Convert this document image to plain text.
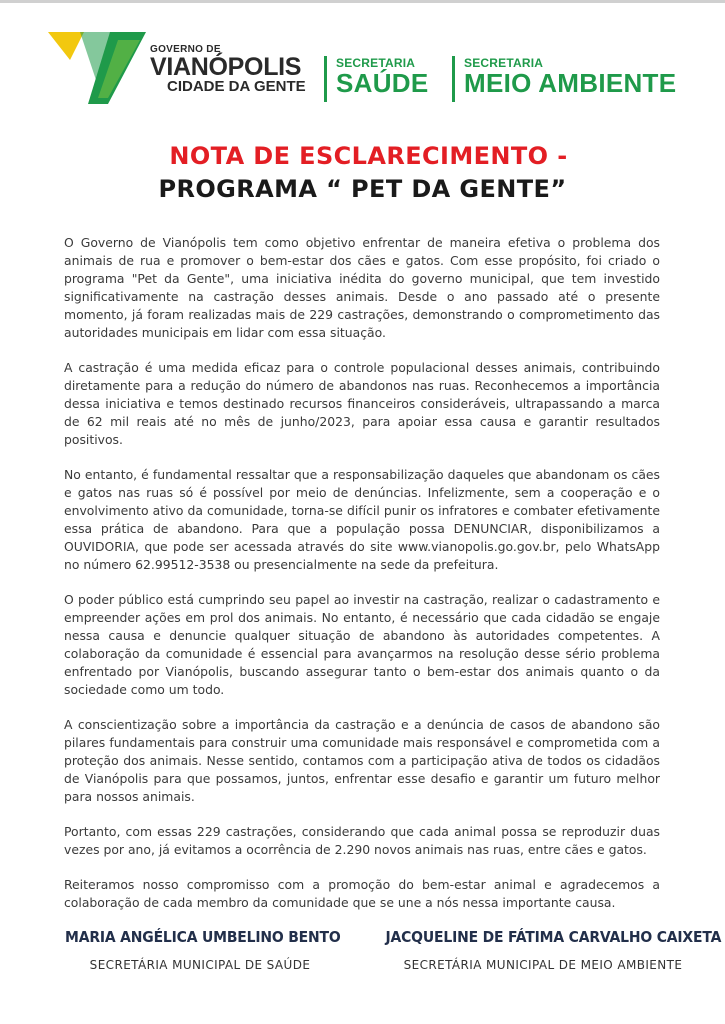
GOVERNO DE
VIANÓPOLIS
CIDADE DA GENTE
SECRETARIA
SAÚDE
SECRETARIA
MEIO AMBIENTE
NOTA DE ESCLARECIMENTO -
PROGRAMA “ PET DA GENTE”

O Governo de Vianópolis tem como objetivo enfrentar de maneira efetiva o problema dos animais de rua e promover o bem-estar dos cães e gatos. Com esse propósito, foi criado o programa "Pet da Gente", uma iniciativa inédita do governo municipal, que tem investido significativamente na castração desses animais. Desde o ano passado até o presente momento, já foram realizadas mais de 229 castrações, demonstrando o comprometimento das autoridades municipais em lidar com essa situação.

A castração é uma medida eficaz para o controle populacional desses animais, contribuindo diretamente para a redução do número de abandonos nas ruas. Reconhecemos a importância dessa iniciativa e temos destinado recursos financeiros consideráveis, ultrapassando a marca de 62 mil reais até no mês de junho/2023, para apoiar essa causa e garantir resultados positivos.

No entanto, é fundamental ressaltar que a responsabilização daqueles que abandonam os cães e gatos nas ruas só é possível por meio de denúncias. Infelizmente, sem a cooperação e o envolvimento ativo da comunidade, torna-se difícil punir os infratores e combater efetivamente essa prática de abandono. Para que a população possa DENUNCIAR, disponibilizamos a OUVIDORIA, que pode ser acessada através do site www.vianopolis.go.gov.br, pelo WhatsApp no número 62.99512-3538 ou presencialmente na sede da prefeitura.

O poder público está cumprindo seu papel ao investir na castração, realizar o cadastramento e empreender ações em prol dos animais. No entanto, é necessário que cada cidadão se engaje nessa causa e denuncie qualquer situação de abandono às autoridades competentes. A colaboração da comunidade é essencial para avançarmos na resolução desse sério problema enfrentado por Vianópolis, buscando assegurar tanto o bem-estar dos animais quanto o da sociedade como um todo.

A conscientização sobre a importância da castração e a denúncia de casos de abandono são pilares fundamentais para construir uma comunidade mais responsável e comprometida com a proteção dos animais. Nesse sentido, contamos com a participação ativa de todos os cidadãos de Vianópolis para que possamos, juntos, enfrentar esse desafio e garantir um futuro melhor para nossos animais.

Portanto, com essas 229 castrações, considerando que cada animal possa se reproduzir duas vezes por ano, já evitamos a ocorrência de 2.290 novos animais nas ruas, entre cães e gatos.

Reiteramos nosso compromisso com a promoção do bem-estar animal e agradecemos a colaboração de cada membro da comunidade que se une a nós nessa importante causa.

MARIA ANGÉLICA UMBELINO BENTO
SECRETÁRIA MUNICIPAL DE SAÚDE
JACQUELINE DE FÁTIMA CARVALHO CAIXETA
SECRETÁRIA MUNICIPAL DE MEIO AMBIENTE
